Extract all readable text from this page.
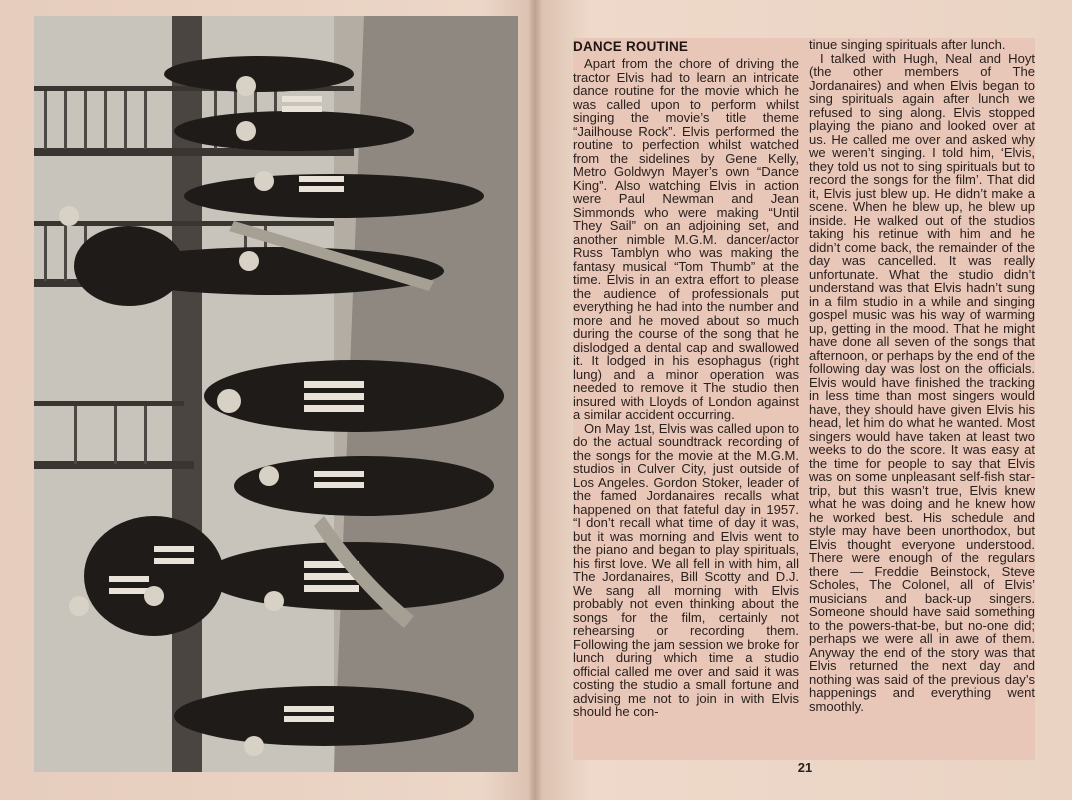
DANCE ROUTINE

Apart from the chore of driving the tractor Elvis had to learn an intricate dance routine for the movie which he was called upon to perform whilst singing the movie’s title theme “Jailhouse Rock”. Elvis performed the routine to perfection whilst watched from the sidelines by Gene Kelly, Metro Goldwyn Mayer’s own “Dance King”. Also watching Elvis in action were Paul Newman and Jean Simmonds who were making “Until They Sail” on an adjoining set, and another nimble M.G.M. dancer/actor Russ Tamblyn who was making the fantasy musical “Tom Thumb” at the time. Elvis in an extra effort to please the audience of professionals put everything he had into the number and more and he moved about so much during the course of the song that he dislodged a dental cap and swallowed it. It lodged in his esophagus (right lung) and a minor operation was needed to remove it The studio then insured with Lloyds of London against a similar accident occurring.

On May 1st, Elvis was called upon to do the actual soundtrack recording of the songs for the movie at the M.G.M. studios in Culver City, just outside of Los Angeles. Gordon Stoker, leader of the famed Jordanaires recalls what happened on that fateful day in 1957. “I don’t recall what time of day it was, but it was morning and Elvis went to the piano and began to play spirituals, his first love. We all fell in with him, all The Jordanaires, Bill Scotty and D.J. We sang all morning with Elvis probably not even thinking about the songs for the film, certainly not rehearsing or recording them. Following the jam session we broke for lunch during which time a studio official called me over and said it was costing the studio a small fortune and advising me not to join in with Elvis should he con-

tinue singing spirituals after lunch.

I talked with Hugh, Neal and Hoyt (the other members of The Jordanaires) and when Elvis began to sing spirituals again after lunch we refused to sing along. Elvis stopped playing the piano and looked over at us. He called me over and asked why we weren’t singing. I told him, ‘Elvis, they told us not to sing spirituals but to record the songs for the film’. That did it, Elvis just blew up. He didn’t make a scene. When he blew up, he blew up inside. He walked out of the studios taking his retinue with him and he didn’t come back, the remainder of the day was cancelled. It was really unfortunate. What the studio didn’t understand was that Elvis hadn’t sung in a film studio in a while and singing gospel music was his way of warming up, getting in the mood. That he might have done all seven of the songs that afternoon, or perhaps by the end of the following day was lost on the officials. Elvis would have finished the tracking in less time than most singers would have, they should have given Elvis his head, let him do what he wanted. Most singers would have taken at least two weeks to do the score. It was easy at the time for people to say that Elvis was on some unpleasant self-fish star-trip, but this wasn’t true, Elvis knew what he was doing and he knew how he worked best. His schedule and style may have been unorthodox, but Elvis thought everyone understood. There were enough of the regulars there — Freddie Beinstock, Steve Scholes, The Colonel, all of Elvis’ musicians and back-up singers. Someone should have said something to the powers-that-be, but no-one did; perhaps we were all in awe of them. Anyway the end of the story was that Elvis returned the next day and nothing was said of the previous day’s happenings and everything went smoothly.

21
